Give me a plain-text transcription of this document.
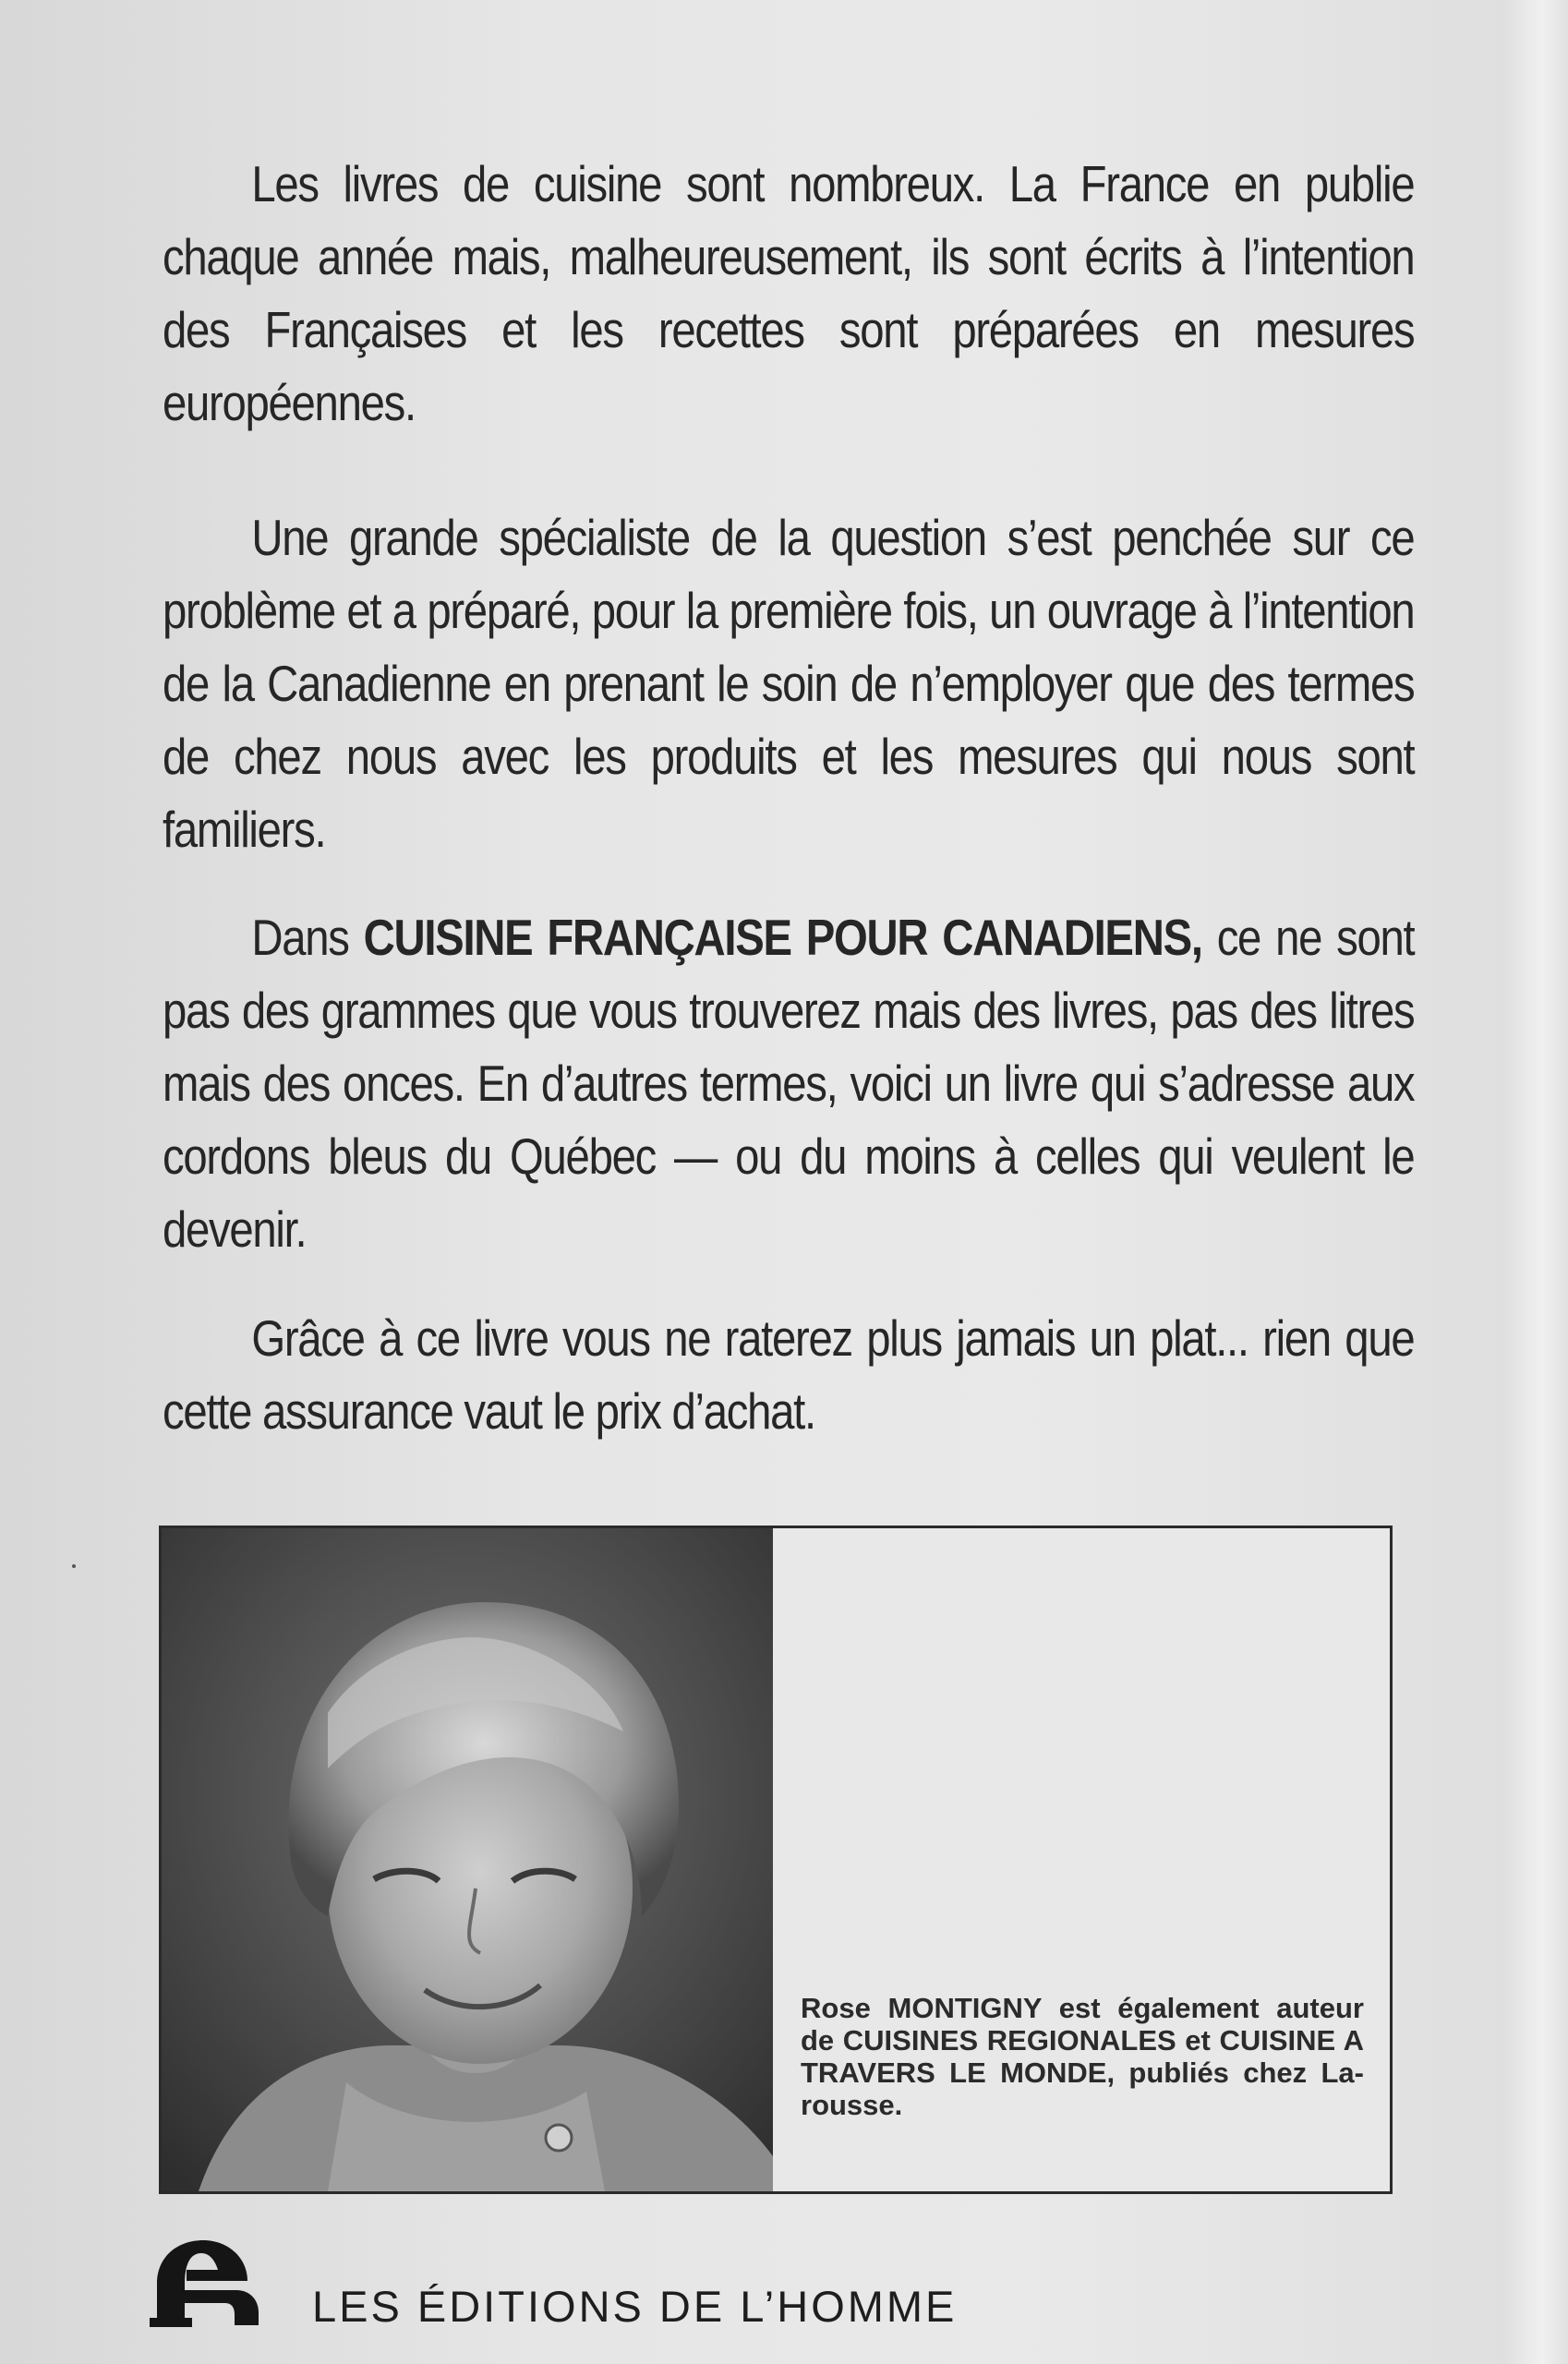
Les livres de cuisine sont nombreux. La France en publie chaque année mais, malheureusement, ils sont écrits à l’intention des Françaises et les recettes sont préparées en mesures européennes.

Une grande spécialiste de la question s’est penchée sur ce problème et a préparé, pour la première fois, un ouvrage à l’intention de la Canadienne en prenant le soin de n’employer que des termes de chez nous avec les produits et les mesures qui nous sont familiers.

Dans CUISINE FRANÇAISE POUR CANADIENS, ce ne sont pas des grammes que vous trouverez mais des livres, pas des litres mais des onces. En d’autres termes, voici un livre qui s’adresse aux cordons bleus du Québec — ou du moins à celles qui veulent le devenir.

Grâce à ce livre vous ne raterez plus jamais un plat... rien que cette assurance vaut le prix d’achat.

Rose MONTIGNY est également auteur de CUISINES REGIONALES et CUISINE A TRAVERS LE MONDE, publiés chez Larousse.
LES ÉDITIONS DE L’HOMME
